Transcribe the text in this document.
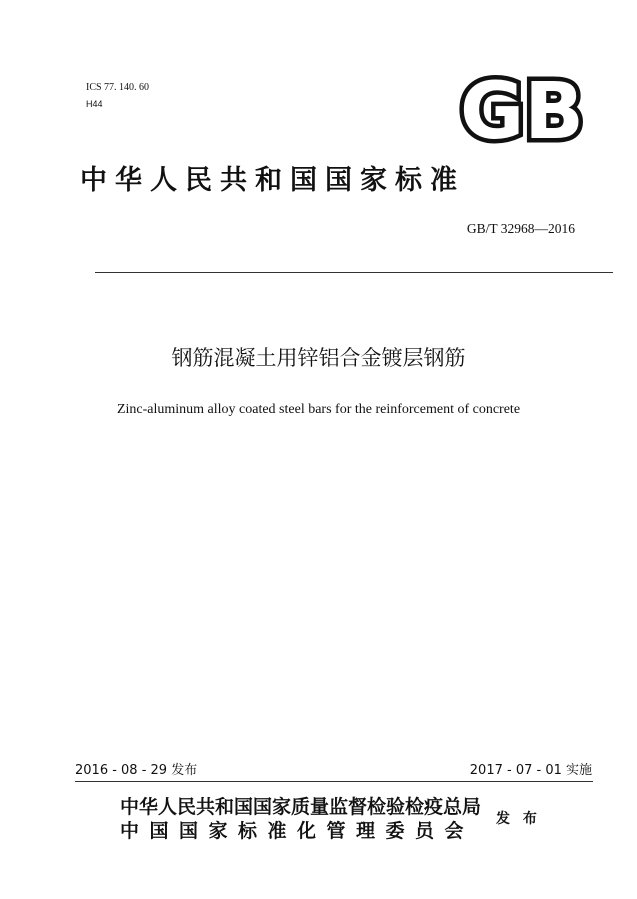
ICS 77. 140. 60
H44	GB
中华人民共和国国家标准
GB/T 32968—2016
钢筋混凝土用锌铝合金镀层钢筋
Zinc-aluminum alloy coated steel bars for the reinforcement of concrete
2016 - 08 - 29 发布	2017 - 07 - 01 实施
中华人民共和国国家质量监督检验检疫总局
中国国家标准化管理委员会
发 布
